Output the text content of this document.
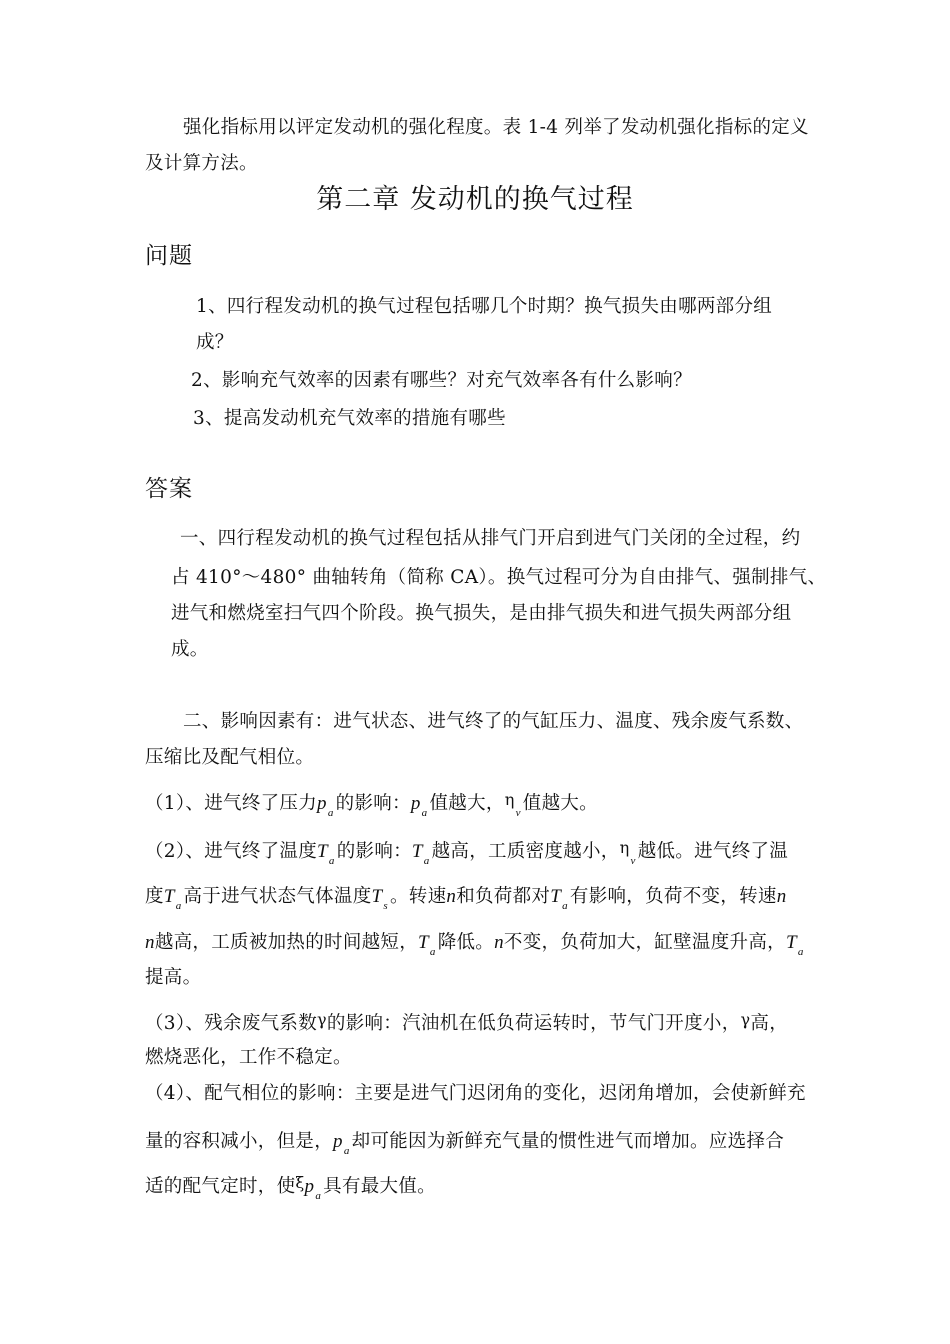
强化指标用以评定发动机的强化程度。表 1-4 列举了发动机强化指标的定义
及计算方法。
第二章 发动机的换气过程
问题
1、四行程发动机的换气过程包括哪几个时期？换气损失由哪两部分组
成？
2、影响充气效率的因素有哪些？对充气效率各有什么影响？
3、提高发动机充气效率的措施有哪些
答案
一、四行程发动机的换气过程包括从排气门开启到进气门关闭的全过程，约
占 410°～480° 曲轴转角（简称 CA）。换气过程可分为自由排气、强制排气、
进气和燃烧室扫气四个阶段。换气损失，是由排气损失和进气损失两部分组
成。
二、影响因素有：进气状态、进气终了的气缸压力、温度、残余废气系数、
压缩比及配气相位。
（1）、进气终了压力$p_a$ 的影响：$p_a$ 值越大，$\eta_v$ 值越大。
（2）、进气终了温度$T_a$ 的影响：$T_a$ 越高，工质密度越小，$\eta_v$ 越低。进气终了温
度$T_a$ 高于进气状态气体温度$T_s$ 。转速n和负荷都对$T_a$ 有影响，负荷不变，转速n
n越高，工质被加热的时间越短，$T_a$ 降低。n不变，负荷加大，缸壁温度升高，$T_a$
提高。
（3）、残余废气系数γ的影响：汽油机在低负荷运转时，节气门开度小，γ高，
燃烧恶化，工作不稳定。
（4）、配气相位的影响：主要是进气门迟闭角的变化，迟闭角增加，会使新鲜充
量的容积减小，但是，$p_a$ 却可能因为新鲜充气量的惯性进气而增加。应选择合
适的配气定时，使$\xi p_a$ 具有最大值。
